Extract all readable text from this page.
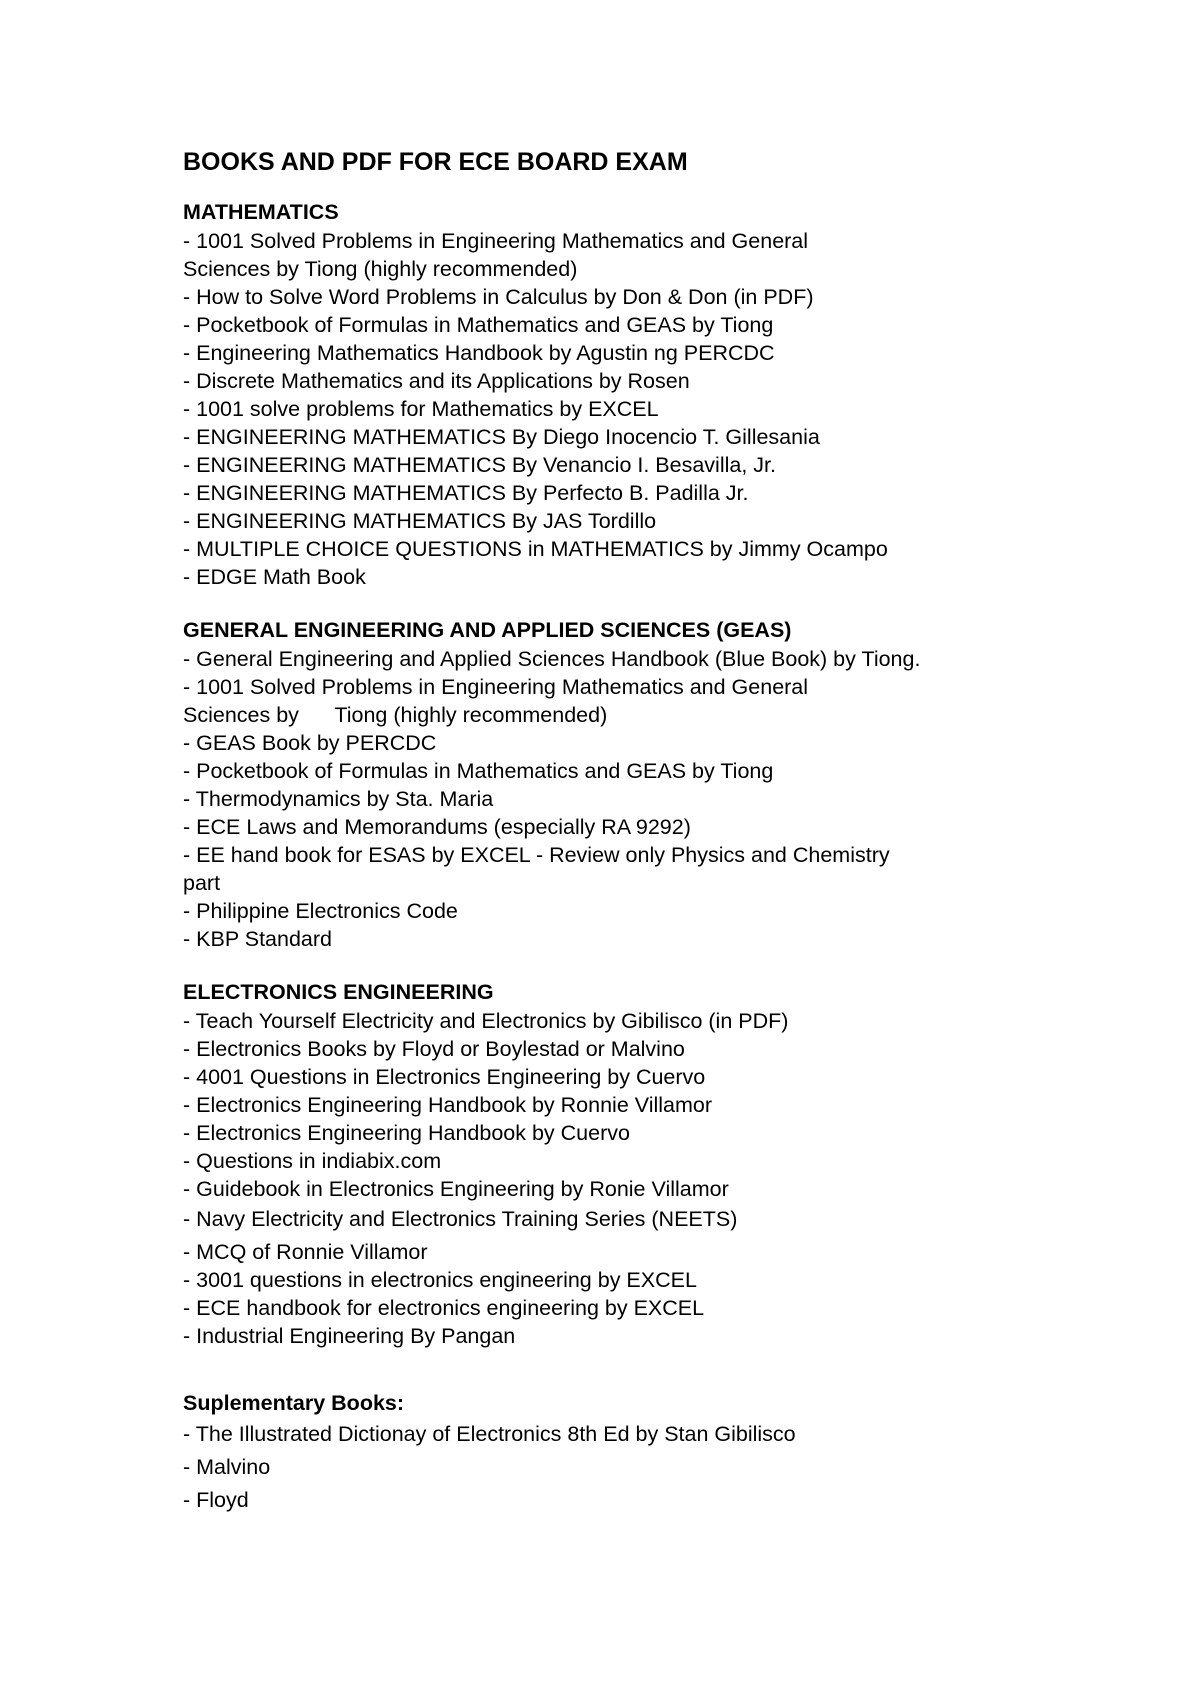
BOOKS AND PDF FOR ECE BOARD EXAM
MATHEMATICS
- 1001 Solved Problems in Engineering Mathematics and General
Sciences by Tiong (highly recommended)
- How to Solve Word Problems in Calculus by Don & Don (in PDF)
- Pocketbook of Formulas in Mathematics and GEAS by Tiong
- Engineering Mathematics Handbook by Agustin ng PERCDC
- Discrete Mathematics and its Applications by Rosen
- 1001 solve problems for Mathematics by EXCEL
- ENGINEERING MATHEMATICS By Diego Inocencio T. Gillesania
- ENGINEERING MATHEMATICS By Venancio I. Besavilla, Jr.
- ENGINEERING MATHEMATICS By Perfecto B. Padilla Jr.
- ENGINEERING MATHEMATICS By JAS Tordillo
- MULTIPLE CHOICE QUESTIONS in MATHEMATICS by Jimmy Ocampo
- EDGE Math Book
GENERAL ENGINEERING AND APPLIED SCIENCES (GEAS)
- General Engineering and Applied Sciences Handbook (Blue Book) by Tiong.
- 1001 Solved Problems in Engineering Mathematics and General
Sciences by      Tiong (highly recommended)
- GEAS Book by PERCDC
- Pocketbook of Formulas in Mathematics and GEAS by Tiong
- Thermodynamics by Sta. Maria
- ECE Laws and Memorandums (especially RA 9292)
- EE hand book for ESAS by EXCEL - Review only Physics and Chemistry
part
- Philippine Electronics Code
- KBP Standard
ELECTRONICS ENGINEERING
- Teach Yourself Electricity and Electronics by Gibilisco (in PDF)
- Electronics Books by Floyd or Boylestad or Malvino
- 4001 Questions in Electronics Engineering by Cuervo
- Electronics Engineering Handbook by Ronnie Villamor
- Electronics Engineering Handbook by Cuervo
- Questions in indiabix.com
- Guidebook in Electronics Engineering by Ronie Villamor
- Navy Electricity and Electronics Training Series (NEETS)
- MCQ of Ronnie Villamor
- 3001 questions in electronics engineering by EXCEL
- ECE handbook for electronics engineering by EXCEL
- Industrial Engineering By Pangan
Suplementary Books:
- The Illustrated Dictionay of Electronics 8th Ed by Stan Gibilisco
- Malvino
- Floyd
